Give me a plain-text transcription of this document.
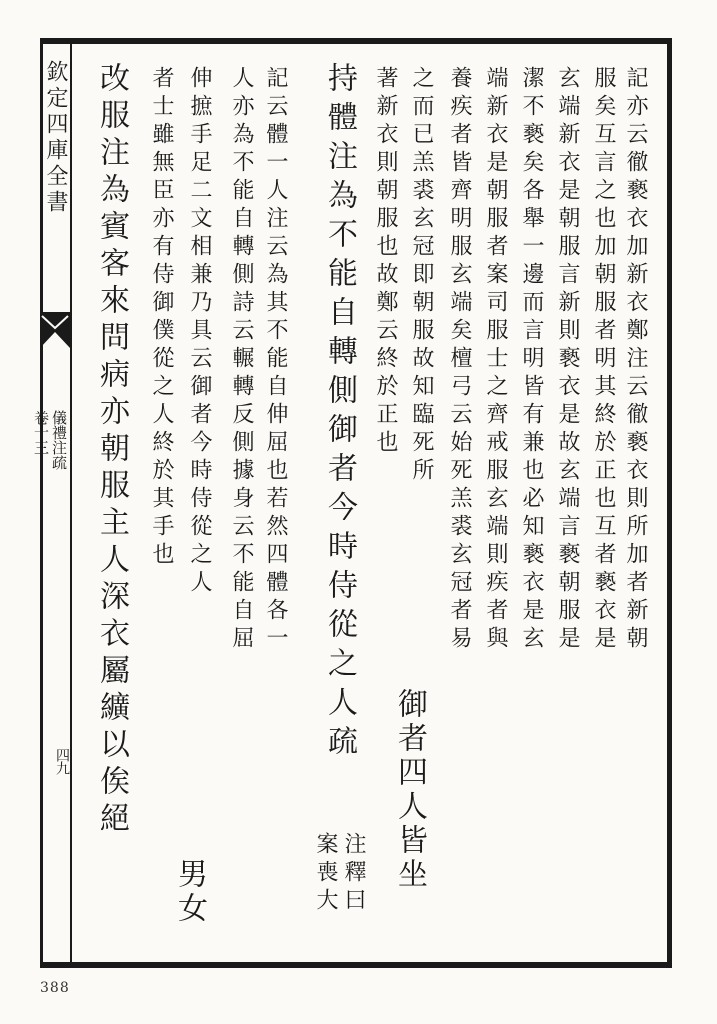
欽定四庫全書
儀禮注疏
卷十三
四九
服矣互言之也加朝服者明其終於正也互者褻衣是 記亦云徹褻衣加新衣鄭注云徹褻衣則所加者新朝
潔不褻矣各舉一邊而言明皆有兼也必知褻衣是玄 玄端新衣是朝服言新則褻衣是故玄端言褻朝服是
養疾者皆齊明服玄端矣檀弓云始死羔裘玄冠者易 端新衣是朝服者案司服士之齊戒服玄端則疾者與
著新衣則朝服也故鄭云終於正也 之而已羔裘玄冠即朝服故知臨死所
持體注為不能自轉側御者今時侍從之人疏
注釋曰
案喪大 御者四人皆坐
人亦為不能自轉側詩云輾轉反側據身云不能自屈 記云體一人注云為其不能自伸屈也若然四體各一
者士雖無臣亦有侍御僕從之人終於其手也 伸摭手足二文相兼乃具云御者今時侍從之人
男女
改服注為賓客來問病亦朝服主人深衣屬纊以俟絕
388
